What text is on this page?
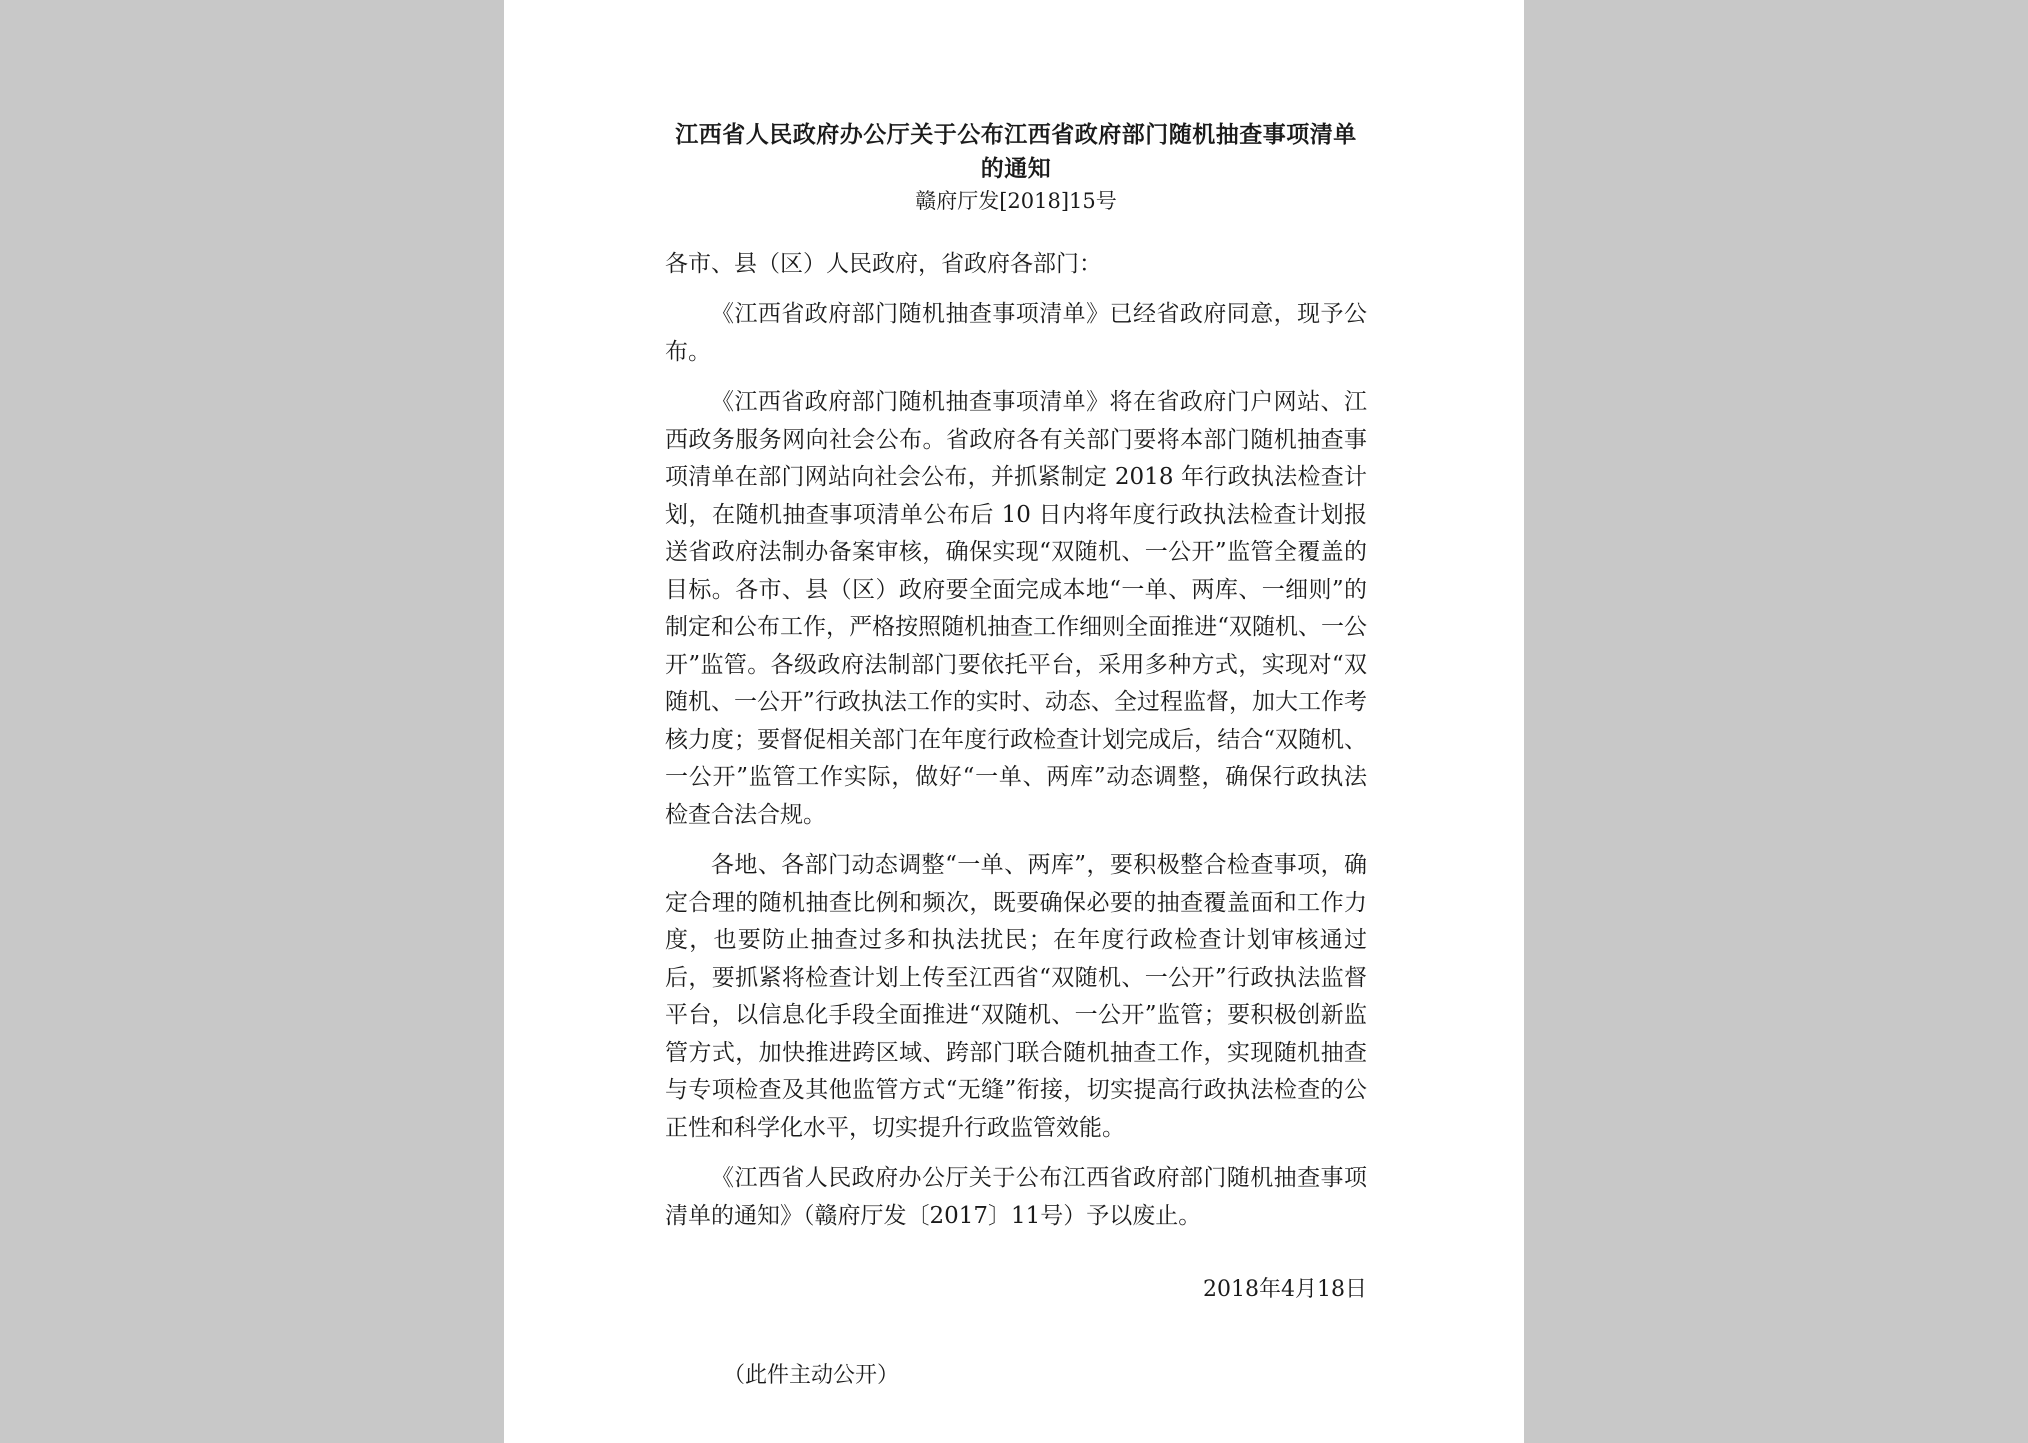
江西省人民政府办公厅关于公布江西省政府部门随机抽查事项清单

的通知

赣府厅发[2018]15号

各市、县（区）人民政府，省政府各部门：

《江西省政府部门随机抽查事项清单》已经省政府同意，现予公布。

《江西省政府部门随机抽查事项清单》将在省政府门户网站、江西政务服务网向社会公布。省政府各有关部门要将本部门随机抽查事项清单在部门网站向社会公布，并抓紧制定 2018 年行政执法检查计划，在随机抽查事项清单公布后 10 日内将年度行政执法检查计划报送省政府法制办备案审核，确保实现“双随机、一公开”监管全覆盖的目标。各市、县（区）政府要全面完成本地“一单、两库、一细则”的制定和公布工作，严格按照随机抽查工作细则全面推进“双随机、一公开”监管。各级政府法制部门要依托平台，采用多种方式，实现对“双随机、一公开”行政执法工作的实时、动态、全过程监督，加大工作考核力度；要督促相关部门在年度行政检查计划完成后，结合“双随机、一公开”监管工作实际，做好“一单、两库”动态调整，确保行政执法检查合法合规。

各地、各部门动态调整“一单、两库”，要积极整合检查事项，确定合理的随机抽查比例和频次，既要确保必要的抽查覆盖面和工作力度，也要防止抽查过多和执法扰民；在年度行政检查计划审核通过后，要抓紧将检查计划上传至江西省“双随机、一公开”行政执法监督平台，以信息化手段全面推进“双随机、一公开”监管；要积极创新监管方式，加快推进跨区域、跨部门联合随机抽查工作，实现随机抽查与专项检查及其他监管方式“无缝”衔接，切实提高行政执法检查的公正性和科学化水平，切实提升行政监管效能。

《江西省人民政府办公厅关于公布江西省政府部门随机抽查事项清单的通知》（赣府厅发〔2017〕11号）予以废止。

2018年4月18日

（此件主动公开）
